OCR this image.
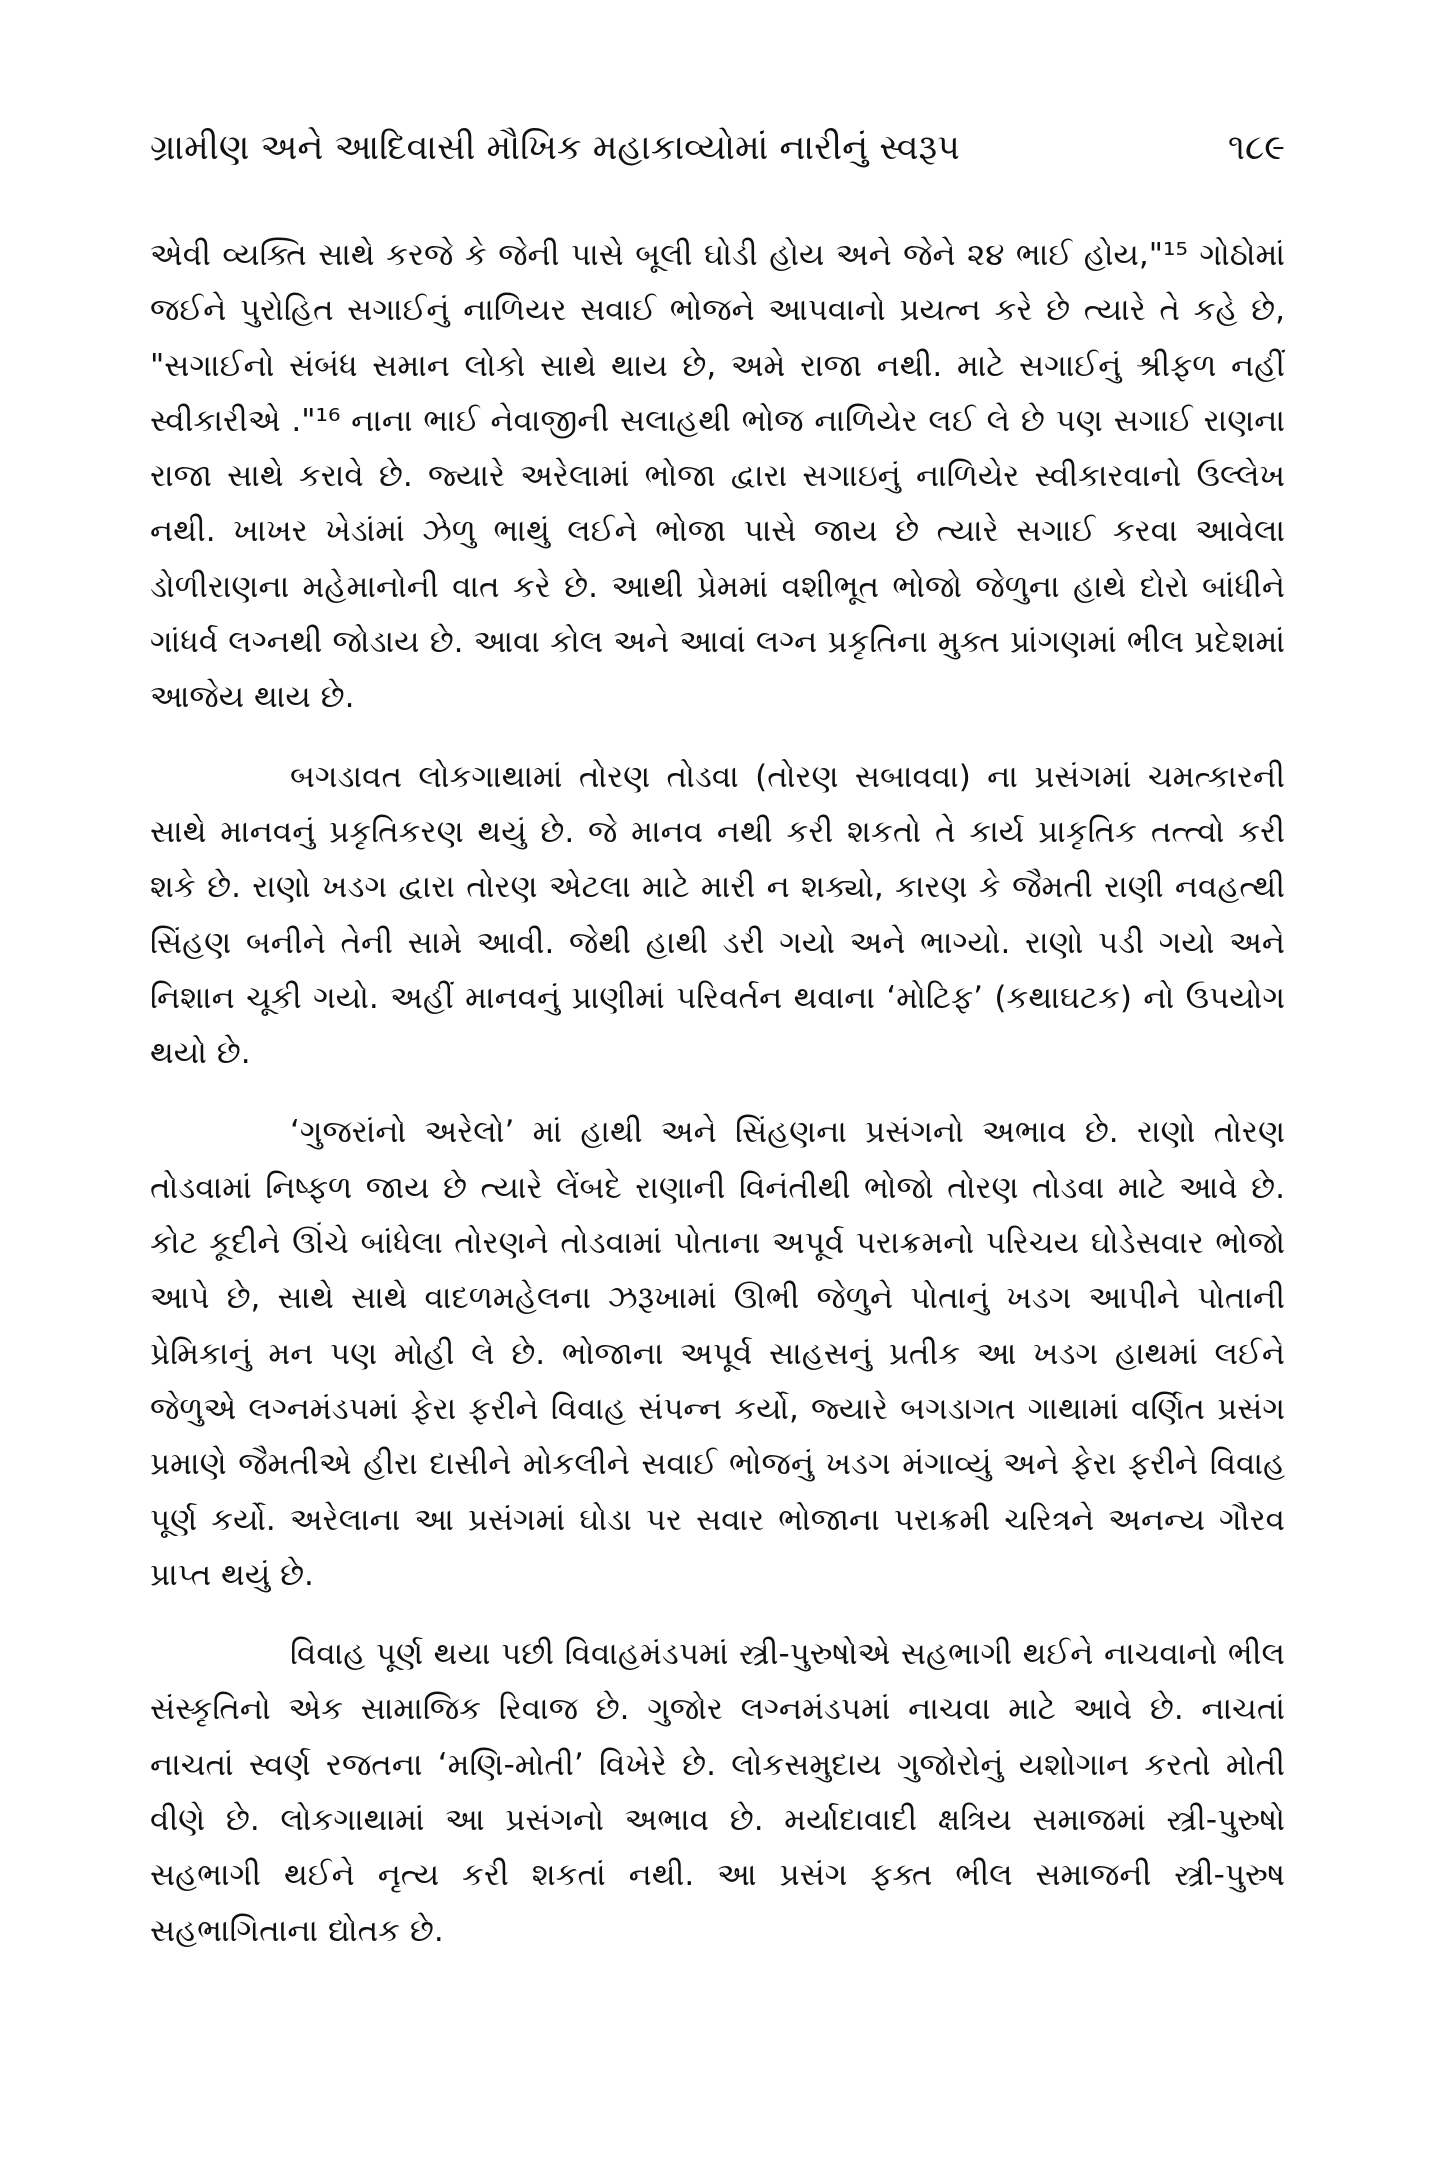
ગ્રામીણ અને આદિવાસી મૌખિક મહાકાવ્યોમાં નારીનું સ્વરૂપ	૧૮૯

એવી વ્યક્તિ સાથે કરજે કે જેની પાસે બૂલી ઘોડી હોય અને જેને ૨૪ ભાઈ હોય,"¹⁵ ગોઠોમાં જઈને પુરોહિત સગાઈનું નાળિયર સવાઈ ભોજને આપવાનો પ્રયત્ન કરે છે ત્યારે તે કહે છે, "સગાઈનો સંબંધ સમાન લોકો સાથે થાય છે, અમે રાજા નથી. માટે સગાઈનું શ્રીફળ નહીં સ્વીકારીએ ."¹⁶ નાના ભાઈ નેવાજીની સલાહથી ભોજ નાળિયેર લઈ લે છે પણ સગાઈ રાણના રાજા સાથે કરાવે છે. જ્યારે અરેલામાં ભોજા દ્વારા સગાઇનું નાળિયેર સ્વીકારવાનો ઉલ્લેખ નથી. ખાખર ખેડાંમાં ઝેળુ ભાથું લઈને ભોજા પાસે જાય છે ત્યારે સગાઈ કરવા આવેલા ડોળીરાણના મહેમાનોની વાત કરે છે. આથી પ્રેમમાં વશીભૂત ભોજો જેળુના હાથે દોરો બાંધીને ગાંધર્વ લગ્નથી જોડાય છે. આવા કોલ અને આવાં લગ્ન પ્રકૃતિના મુક્ત પ્રાંગણમાં ભીલ પ્રદેશમાં આજેય થાય છે.

બગડાવત લોકગાથામાં તોરણ તોડવા (તોરણ સબાવવા) ના પ્રસંગમાં ચમત્કારની સાથે માનવનું પ્રકૃતિકરણ થયું છે. જે માનવ નથી કરી શકતો તે કાર્ય પ્રાકૃતિક તત્ત્વો કરી શકે છે. રાણો ખડગ દ્વારા તોરણ એટલા માટે મારી ન શક્યો, કારણ કે જૈમતી રાણી નવહત્થી સિંહણ બનીને તેની સામે આવી. જેથી હાથી ડરી ગયો અને ભાગ્યો. રાણો પડી ગયો અને નિશાન ચૂકી ગયો. અહીં માનવનું પ્રાણીમાં પરિવર્તન થવાના ‘મોટિફ’ (કથાઘટક) નો ઉપયોગ થયો છે.

‘ગુજરાંનો અરેલો’ માં હાથી અને સિંહણના પ્રસંગનો અભાવ છે. રાણો તોરણ તોડવામાં નિષ્ફળ જાય છે ત્યારે લેંબદે રાણાની વિનંતીથી ભોજો તોરણ તોડવા માટે આવે છે. કોટ કૂદીને ઊંચે બાંધેલા તોરણને તોડવામાં પોતાના અપૂર્વ પરાક્રમનો પરિચય ઘોડેસવાર ભોજો આપે છે, સાથે સાથે વાદળમહેલના ઝરૂખામાં ઊભી જેળુને પોતાનું ખડગ આપીને પોતાની પ્રેમિકાનું મન પણ મોહી લે છે. ભોજાના અપૂર્વ સાહસનું પ્રતીક આ ખડગ હાથમાં લઈને જેળુએ લગ્નમંડપમાં ફેરા ફરીને વિવાહ સંપન્ન કર્યો, જ્યારે બગડાગત ગાથામાં વર્ણિત પ્રસંગ પ્રમાણે જૈમતીએ હીરા દાસીને મોકલીને સવાઈ ભોજનું ખડગ મંગાવ્યું અને ફેરા ફરીને વિવાહ પૂર્ણ કર્યો. અરેલાના આ પ્રસંગમાં ઘોડા પર સવાર ભોજાના પરાક્રમી ચરિત્રને અનન્ય ગૌરવ પ્રાપ્ત થયું છે.

વિવાહ પૂર્ણ થયા પછી વિવાહમંડપમાં સ્ત્રી-પુરુષોએ સહભાગી થઈને નાચવાનો ભીલ સંસ્કૃતિનો એક સામાજિક રિવાજ છે. ગુજોર લગ્નમંડપમાં નાચવા માટે આવે છે. નાચતાં નાચતાં સ્વર્ણ રજતના ‘મણિ-મોતી’ વિખેરે છે. લોકસમુદાય ગુજોરોનું યશોગાન કરતો મોતી વીણે છે. લોકગાથામાં આ પ્રસંગનો અભાવ છે. મર્યાદાવાદી ક્ષત્રિય સમાજમાં સ્ત્રી-પુરુષો સહભાગી થઈને નૃત્ય કરી શકતાં નથી. આ પ્રસંગ ફક્ત ભીલ સમાજની સ્ત્રી-પુરુષ સહભાગિતાના દ્યોતક છે.
